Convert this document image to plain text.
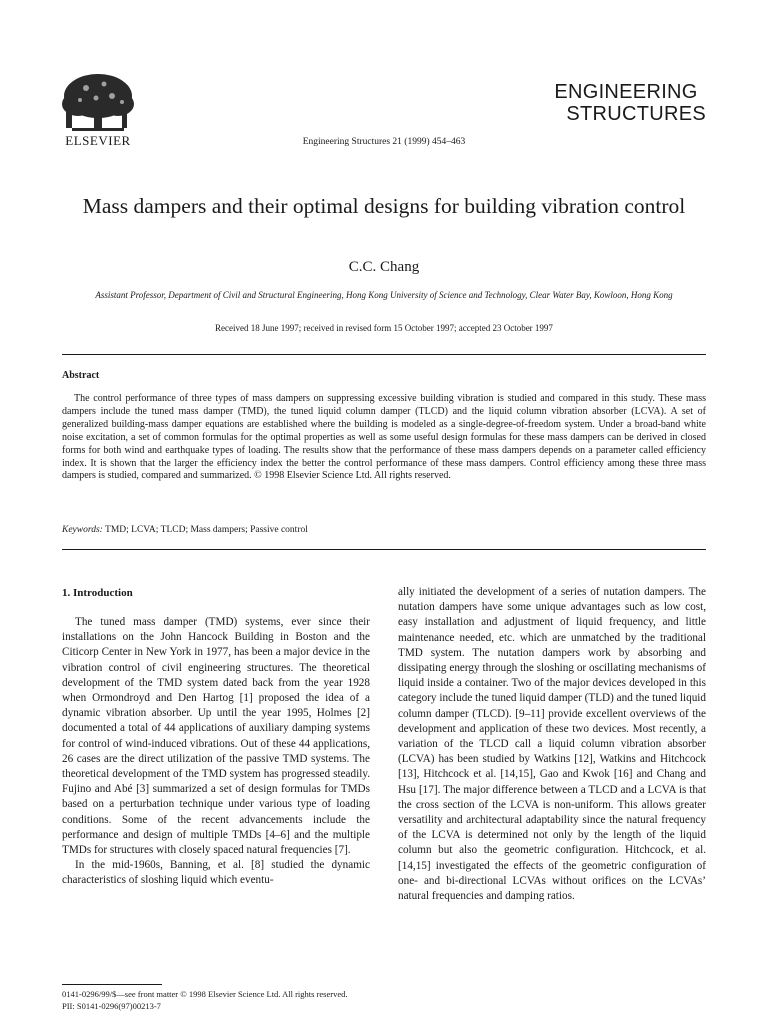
ELSEVIER	Engineering Structures 21 (1999) 454–463
ENGINEERING
STRUCTURES
Mass dampers and their optimal designs for building vibration control
C.C. Chang
Assistant Professor, Department of Civil and Structural Engineering, Hong Kong University of Science and Technology, Clear Water Bay, Kowloon, Hong Kong
Received 18 June 1997; received in revised form 15 October 1997; accepted 23 October 1997
Abstract
The control performance of three types of mass dampers on suppressing excessive building vibration is studied and compared in this study. These mass dampers include the tuned mass damper (TMD), the tuned liquid column damper (TLCD) and the liquid column vibration absorber (LCVA). A set of generalized building-mass damper equations are established where the building is modeled as a single-degree-of-freedom system. Under a broad-band white noise excitation, a set of common formulas for the optimal properties as well as some useful design formulas for these mass dampers can be derived in closed forms for both wind and earthquake types of loading. The results show that the performance of these mass dampers depends on a parameter called efficiency index. It is shown that the larger the efficiency index the better the control performance of these mass dampers. Control efficiency among these three mass dampers is studied, compared and summarized. © 1998 Elsevier Science Ltd. All rights reserved.
Keywords: TMD; LCVA; TLCD; Mass dampers; Passive control
1. Introduction

The tuned mass damper (TMD) systems, ever since their installations on the John Hancock Building in Boston and the Citicorp Center in New York in 1977, has been a major device in the vibration control of civil engineering structures. The theoretical development of the TMD system dated back from the year 1928 when Ormondroyd and Den Hartog [1] proposed the idea of a dynamic vibration absorber. Up until the year 1995, Holmes [2] documented a total of 44 applications of auxiliary damping systems for control of wind-induced vibrations. Out of these 44 applications, 26 cases are the direct utilization of the passive TMD systems. The theoretical development of the TMD system has progressed steadily. Fujino and Abé [3] summarized a set of design formulas for TMDs based on a perturbation technique under various type of loading conditions. Some of the recent advancements include the performance and design of multiple TMDs [4–6] and the multiple TMDs for structures with closely spaced natural frequencies [7].

In the mid-1960s, Banning, et al. [8] studied the dynamic characteristics of sloshing liquid which eventu-

ally initiated the development of a series of nutation dampers. The nutation dampers have some unique advantages such as low cost, easy installation and adjustment of liquid frequency, and little maintenance needed, etc. which are unmatched by the traditional TMD system. The nutation dampers work by absorbing and dissipating energy through the sloshing or oscillating mechanisms of liquid inside a container. Two of the major devices developed in this category include the tuned liquid damper (TLD) and the tuned liquid column damper (TLCD). [9–11] provide excellent overviews of the development and application of these two devices. Most recently, a variation of the TLCD call a liquid column vibration absorber (LCVA) has been studied by Watkins [12], Watkins and Hitchcock [13], Hitchcock et al. [14,15], Gao and Kwok [16] and Chang and Hsu [17]. The major difference between a TLCD and a LCVA is that the cross section of the LCVA is non-uniform. This allows greater versatility and architectural adaptability since the natural frequency of the LCVA is determined not only by the length of the liquid column but also the geometric configuration. Hitchcock, et al. [14,15] investigated the effects of the geometric configuration of one- and bi-directional LCVAs without orifices on the LCVAs’ natural frequencies and damping ratios.

0141-0296/99/$—see front matter © 1998 Elsevier Science Ltd. All rights reserved.
PII: S0141-0296(97)00213-7
